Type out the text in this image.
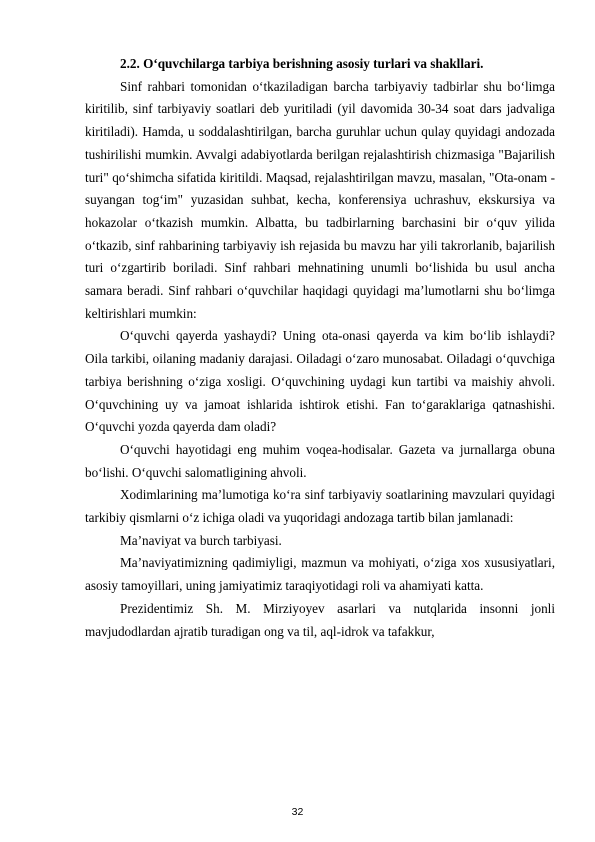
2.2. O‘quvchilarga tarbiya berishning asosiy turlari va shakllari.

Sinf rahbari tomonidan o‘tkaziladigan barcha tarbiyaviy tadbirlar shu bo‘limga kiritilib, sinf tarbiyaviy soatlari deb yuritiladi (yil davomida 30-34 soat dars jadvaliga kiritiladi). Hamda, u soddalashtirilgan, barcha guruhlar uchun qulay quyidagi andozada tushirilishi mumkin. Avvalgi adabiyotlarda berilgan rejalashtirish chizmasiga "Bajarilish turi" qo‘shimcha sifatida kiritildi. Maqsad, rejalashtirilgan mavzu, masalan, "Ota-onam - suyangan tog‘im" yuzasidan suhbat, kecha, konferensiya uchrashuv, ekskursiya va hokazolar o‘tkazish mumkin. Albatta, bu tadbirlarning barchasini bir o‘quv yilida o‘tkazib, sinf rahbarining tarbiyaviy ish rejasida bu mavzu har yili takrorlanib, bajarilish turi o‘zgartirib boriladi. Sinf rahbari mehnatining unumli bo‘lishida bu usul ancha samara beradi. Sinf rahbari o‘quvchilar haqidagi quyidagi ma’lumotlarni shu bo‘limga keltirishlari mumkin:

O‘quvchi qayerda yashaydi? Uning ota-onasi qayerda va kim bo‘lib ishlaydi? Oila tarkibi, oilaning madaniy darajasi. Oiladagi o‘zaro munosabat. Oiladagi o‘quvchiga tarbiya berishning o‘ziga xosligi. O‘quvchining uydagi kun tartibi va maishiy ahvoli. O‘quvchining uy va jamoat ishlarida ishtirok etishi. Fan to‘garaklariga qatnashishi. O‘quvchi yozda qayerda dam oladi?

O‘quvchi hayotidagi eng muhim voqea-hodisalar. Gazeta va jurnallarga obuna bo‘lishi. O‘quvchi salomatligining ahvoli.

Xodimlarining ma’lumotiga ko‘ra sinf tarbiyaviy soatlarining mavzulari quyidagi tarkibiy qismlarni o‘z ichiga oladi va yuqoridagi andozaga tartib bilan jamlanadi:

Ma’naviyat va burch tarbiyasi.

Ma’naviyatimizning qadimiyligi, mazmun va mohiyati, o‘ziga xos xususiyatlari, asosiy tamoyillari, uning jamiyatimiz taraqiyotidagi roli va ahamiyati katta.

Prezidentimiz Sh. M. Mirziyoyev asarlari va nutqlarida insonni jonli mavjudodlardan ajratib turadigan ong va til, aql-idrok va tafakkur,

32
